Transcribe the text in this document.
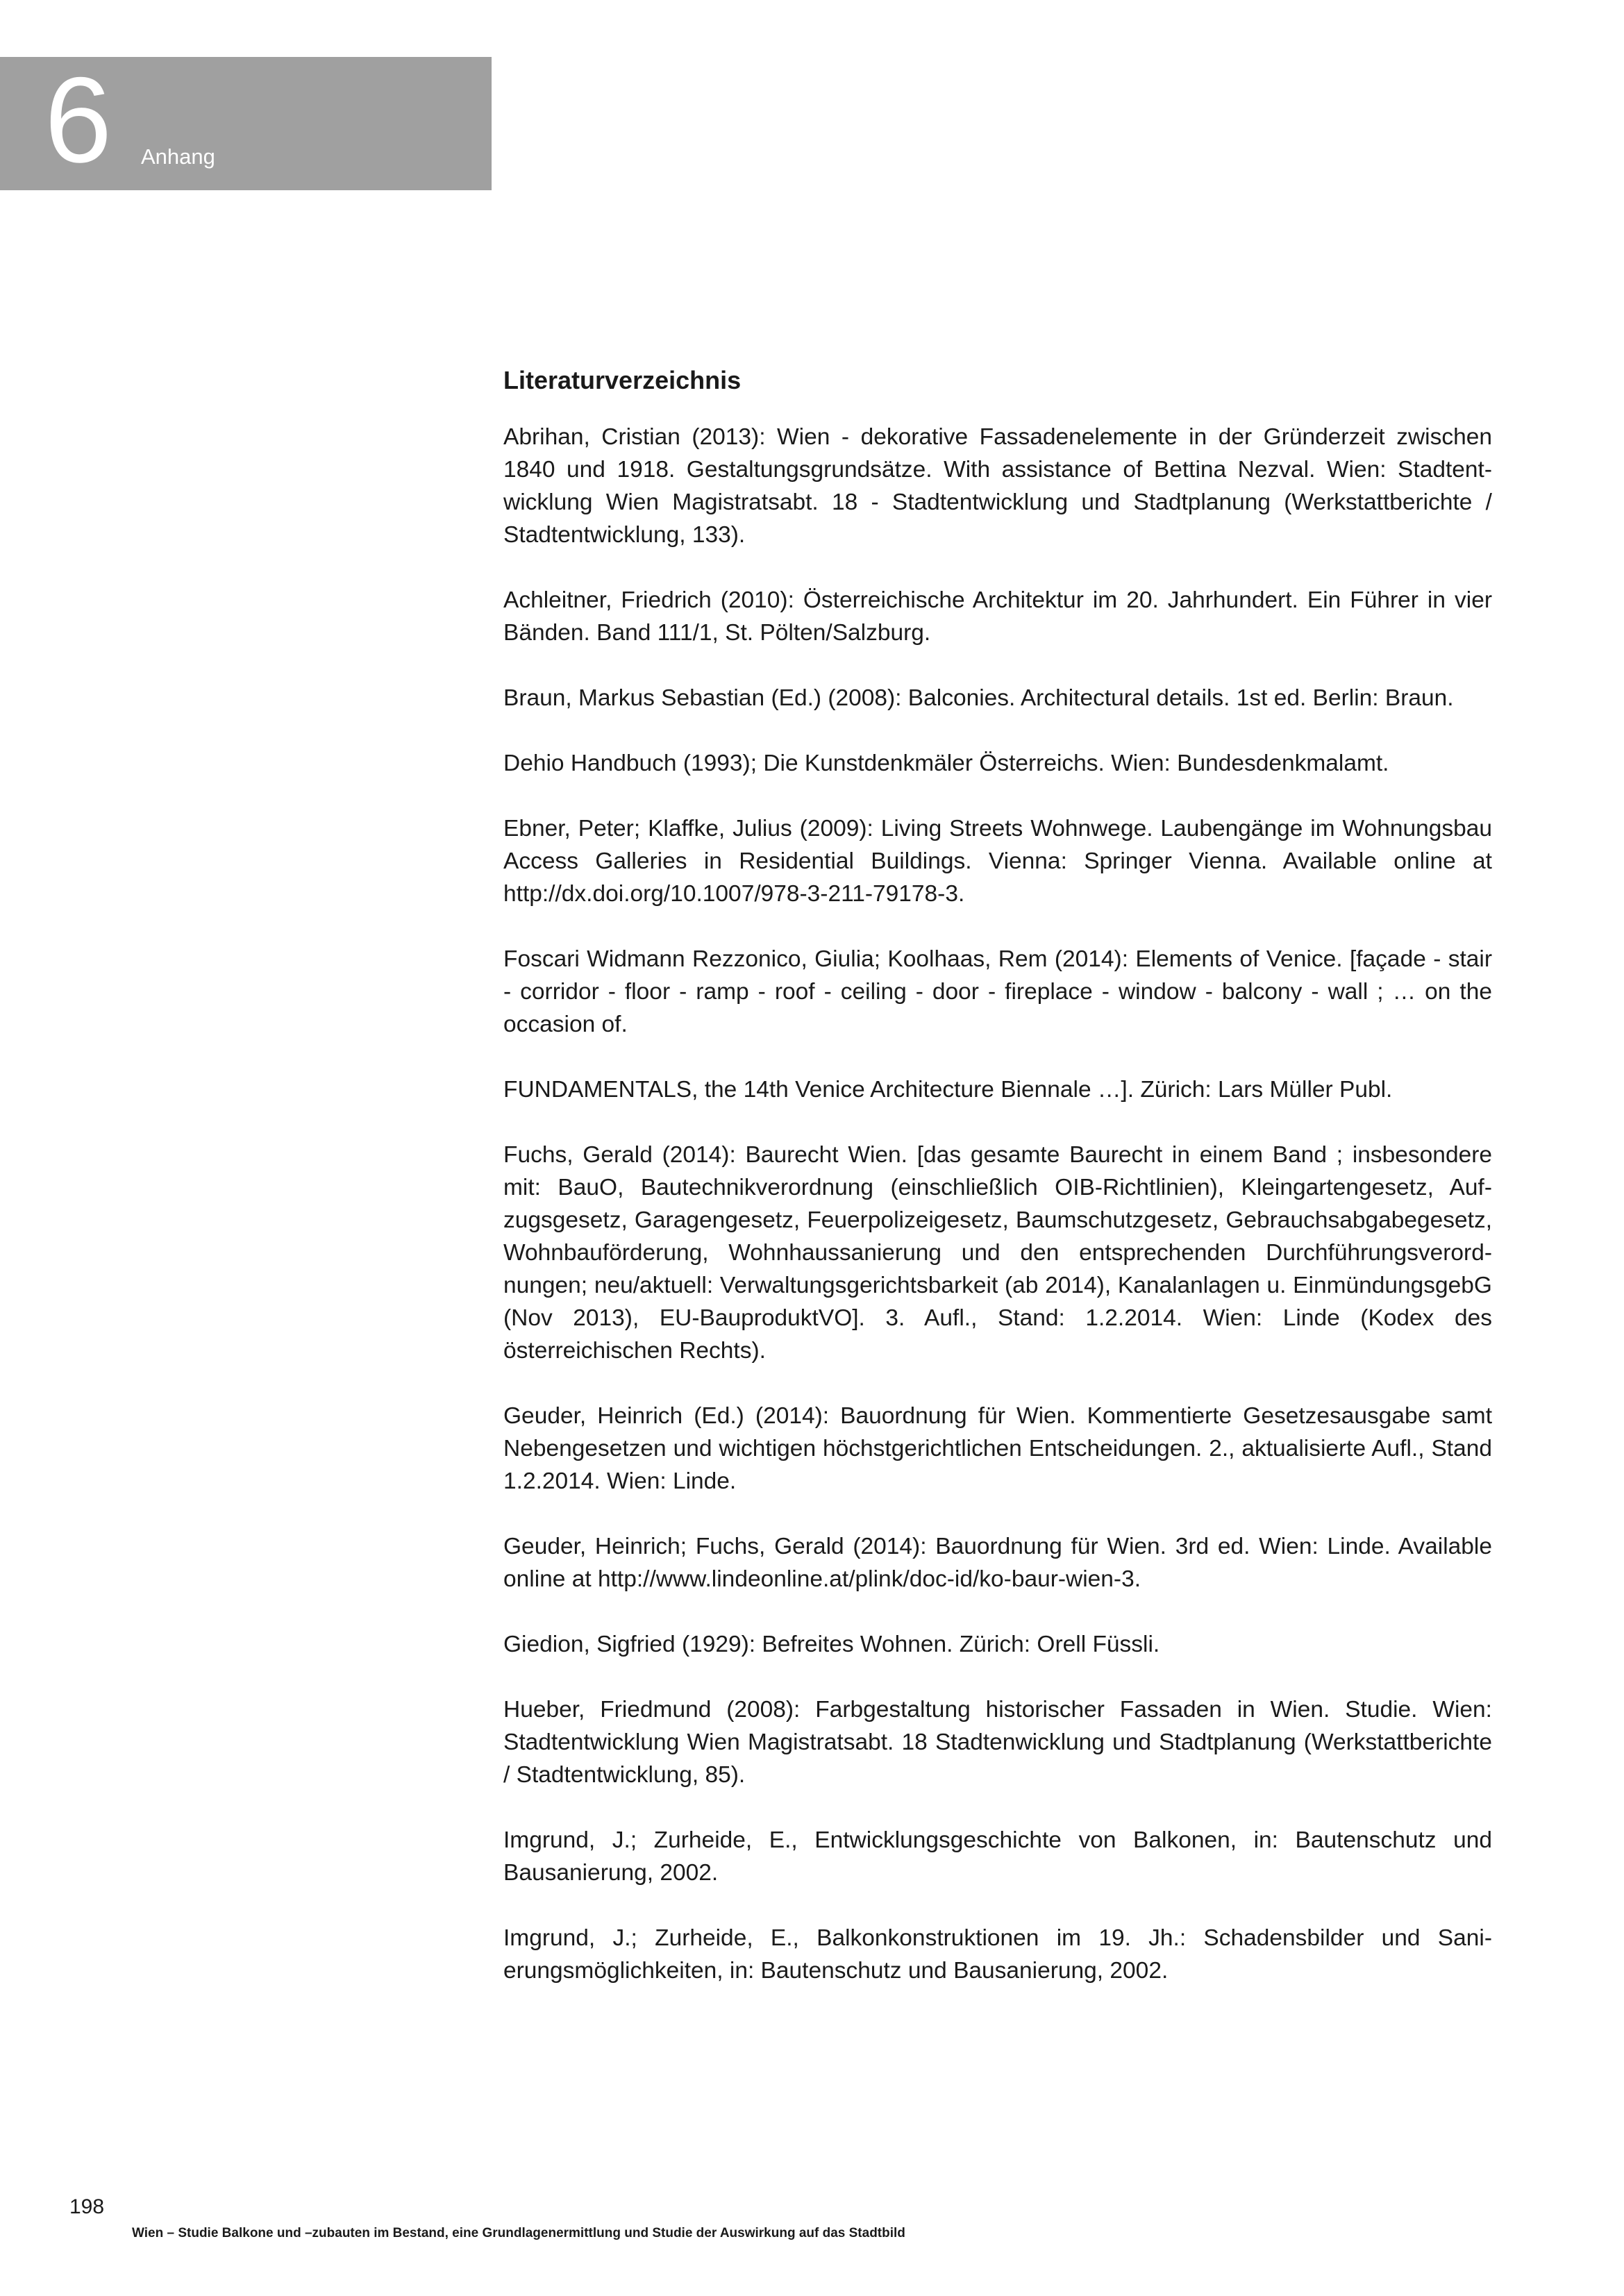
6 Anhang
Literaturverzeichnis

Abrihan, Cristian (2013): Wien - dekorative Fassadenelemente in der Gründerzeit zwischen 1840 und 1918. Gestaltungsgrundsätze. With assistance of Bettina Nezval. Wien: Stadtentwicklung Wien Magistratsabt. 18 - Stadtentwicklung und Stadtplanung (Werkstattberichte / Stadtentwicklung, 133).

Achleitner, Friedrich (2010): Österreichische Architektur im 20. Jahrhundert. Ein Führer in vier Bänden. Band 111/1, St. Pölten/Salzburg.

Braun, Markus Sebastian (Ed.) (2008): Balconies. Architectural details. 1st ed. Berlin: Braun.

Dehio Handbuch (1993); Die Kunstdenkmäler Österreichs. Wien: Bundesdenkmalamt.

Ebner, Peter; Klaffke, Julius (2009): Living Streets Wohnwege. Laubengänge im Wohnungsbau Access Galleries in Residential Buildings. Vienna: Springer Vienna. Available online at http://dx.doi.org/10.1007/978-3-211-79178-3.

Foscari Widmann Rezzonico, Giulia; Koolhaas, Rem (2014): Elements of Venice. [façade - stair - corridor - floor - ramp - roof - ceiling - door - fireplace - window - balcony - wall ; … on the occasion of.

FUNDAMENTALS, the 14th Venice Architecture Biennale …]. Zürich: Lars Müller Publ.

Fuchs, Gerald (2014): Baurecht Wien. [das gesamte Baurecht in einem Band ; insbesondere mit: BauO, Bautechnikverordnung (einschließlich OIB-Richtlinien), Kleingartengesetz, Aufzugsgesetz, Garagengesetz, Feuerpolizeigesetz, Baumschutzgesetz, Gebrauchsabgabegesetz, Wohnbauförderung, Wohnhaussanierung und den entsprechenden Durchführungsverordnungen; neu/aktuell: Verwaltungsgerichtsbarkeit (ab 2014), Kanalanlagen u. EinmündungsgebG (Nov 2013), EU-BauproduktVO]. 3. Aufl., Stand: 1.2.2014. Wien: Linde (Kodex des österreichischen Rechts).

Geuder, Heinrich (Ed.) (2014): Bauordnung für Wien. Kommentierte Gesetzesausgabe samt Nebengesetzen und wichtigen höchstgerichtlichen Entscheidungen. 2., aktualisierte Aufl., Stand 1.2.2014. Wien: Linde.

Geuder, Heinrich; Fuchs, Gerald (2014): Bauordnung für Wien. 3rd ed. Wien: Linde. Available online at http://www.lindeonline.at/plink/doc-id/ko-baur-wien-3.

Giedion, Sigfried (1929): Befreites Wohnen. Zürich: Orell Füssli.

Hueber, Friedmund (2008): Farbgestaltung historischer Fassaden in Wien. Studie. Wien: Stadtentwicklung Wien Magistratsabt. 18 Stadtenwicklung und Stadtplanung (Werkstattberichte / Stadtentwicklung, 85).

Imgrund, J.; Zurheide, E., Entwicklungsgeschichte von Balkonen, in: Bautenschutz und Bausanierung, 2002.

Imgrund, J.; Zurheide, E., Balkonkonstruktionen im 19. Jh.: Schadensbilder und Sanierungsmöglichkeiten, in: Bautenschutz und Bausanierung, 2002.

198
Wien – Studie Balkone und –zubauten im Bestand, eine Grundlagenermittlung und Studie der Auswirkung auf das Stadtbild
